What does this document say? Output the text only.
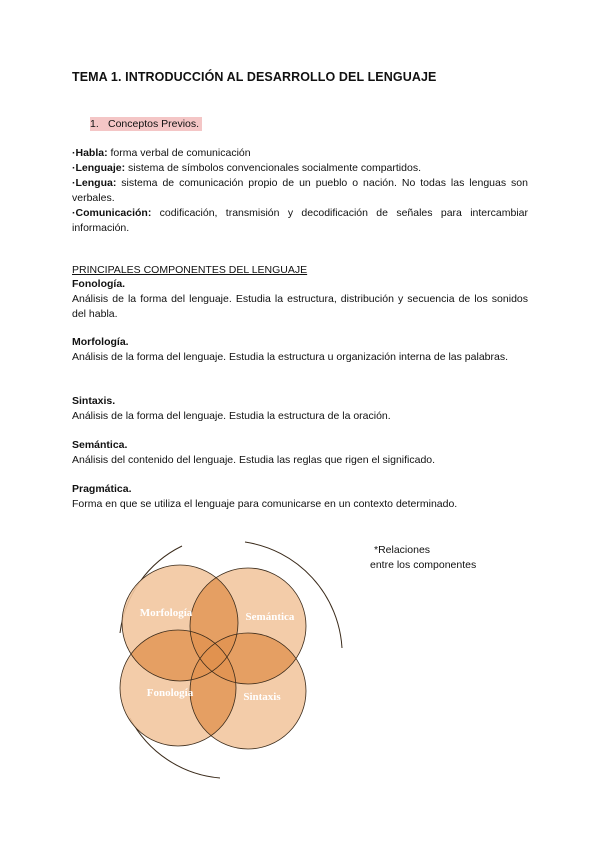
TEMA 1. INTRODUCCIÓN AL DESARROLLO DEL LENGUAJE
1. Conceptos Previos.

·Habla: forma verbal de comunicación

·Lenguaje: sistema de símbolos convencionales socialmente compartidos.

·Lengua: sistema de comunicación propio de un pueblo o nación. No todas las lenguas son verbales.

·Comunicación: codificación, transmisión y decodificación de señales para intercambiar información.

PRINCIPALES COMPONENTES DEL LENGUAJE
Fonología.

Análisis de la forma del lenguaje. Estudia la estructura, distribución y secuencia de los sonidos del habla.

Morfología.

Análisis de la forma del lenguaje. Estudia la estructura u organización interna de las palabras.

Sintaxis.

Análisis de la forma del lenguaje. Estudia la estructura de la oración.

Semántica.

Análisis del contenido del lenguaje. Estudia las reglas que rigen el significado.

Pragmática.

Forma en que se utiliza el lenguaje para comunicarse en un contexto determinado.

Morfología	Semántica
Fonología	Sintaxis
*Relaciones
entre los componentes
